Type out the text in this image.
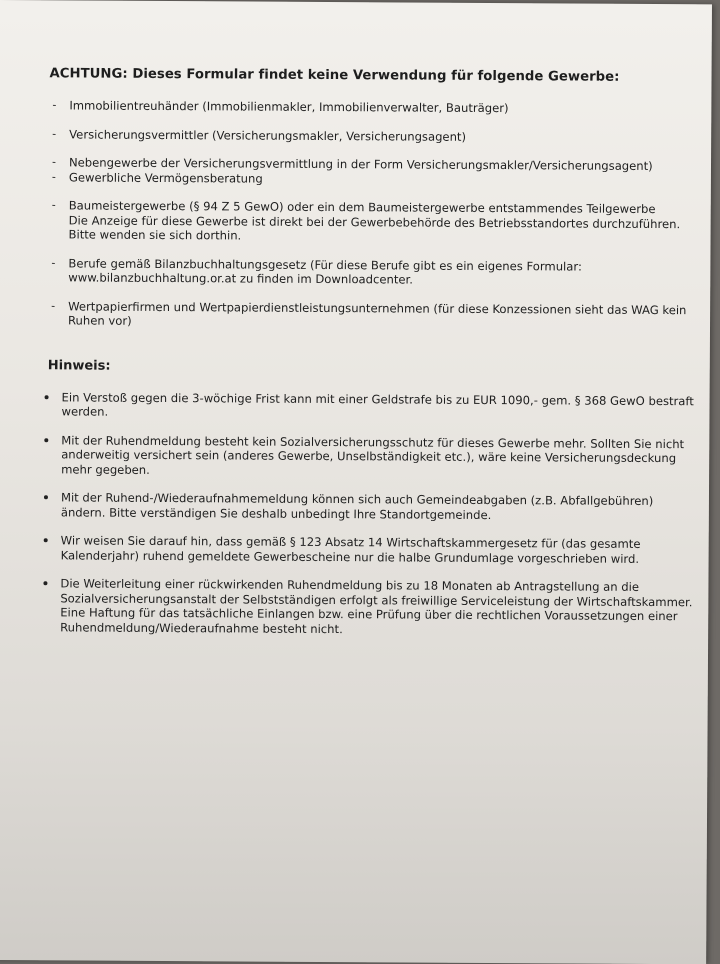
ACHTUNG: Dieses Formular findet keine Verwendung für folgende Gewerbe:
- Immobilientreuhänder (Immobilienmakler, Immobilienverwalter, Bauträger)
- Versicherungsvermittler (Versicherungsmakler, Versicherungsagent)
- Nebengewerbe der Versicherungsvermittlung in der Form Versicherungsmakler/Versicherungsagent)
- Gewerbliche Vermögensberatung
- Baumeistergewerbe (§ 94 Z 5 GewO) oder ein dem Baumeistergewerbe entstammendes Teilgewerbe
Die Anzeige für diese Gewerbe ist direkt bei der Gewerbebehörde des Betriebsstandortes durchzuführen.
Bitte wenden sie sich dorthin.
- Berufe gemäß Bilanzbuchhaltungsgesetz (Für diese Berufe gibt es ein eigenes Formular:
www.bilanzbuchhaltung.or.at zu finden im Downloadcenter.
- Wertpapierfirmen und Wertpapierdienstleistungsunternehmen (für diese Konzessionen sieht das WAG kein
Ruhen vor)
Hinweis:
Ein Verstoß gegen die 3-wöchige Frist kann mit einer Geldstrafe bis zu EUR 1090,- gem. § 368 GewO bestraft
werden.
Mit der Ruhendmeldung besteht kein Sozialversicherungsschutz für dieses Gewerbe mehr. Sollten Sie nicht
anderweitig versichert sein (anderes Gewerbe, Unselbständigkeit etc.), wäre keine Versicherungsdeckung
mehr gegeben.
Mit der Ruhend-/Wiederaufnahmemeldung können sich auch Gemeindeabgaben (z.B. Abfallgebühren)
ändern. Bitte verständigen Sie deshalb unbedingt Ihre Standortgemeinde.
Wir weisen Sie darauf hin, dass gemäß § 123 Absatz 14 Wirtschaftskammergesetz für (das gesamte
Kalenderjahr) ruhend gemeldete Gewerbescheine nur die halbe Grundumlage vorgeschrieben wird.
Die Weiterleitung einer rückwirkenden Ruhendmeldung bis zu 18 Monaten ab Antragstellung an die
Sozialversicherungsanstalt der Selbstständigen erfolgt als freiwillige Serviceleistung der Wirtschaftskammer.
Eine Haftung für das tatsächliche Einlangen bzw. eine Prüfung über die rechtlichen Voraussetzungen einer
Ruhendmeldung/Wiederaufnahme besteht nicht.
